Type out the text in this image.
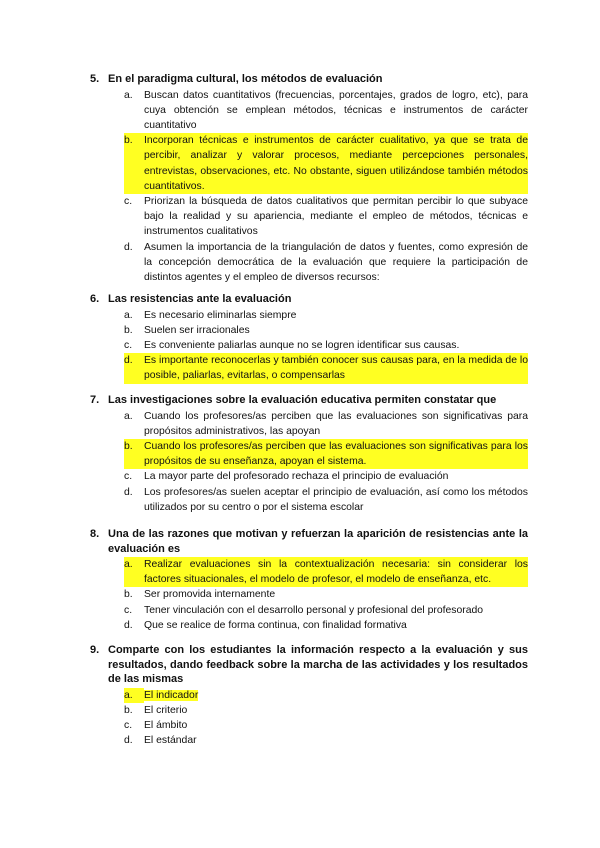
5. En el paradigma cultural, los métodos de evaluación
a.	Buscan datos cuantitativos (frecuencias, porcentajes, grados de logro, etc), para cuya obtención se emplean métodos, técnicas e instrumentos de carácter cuantitativo
b.	Incorporan técnicas e instrumentos de carácter cualitativo, ya que se trata de percibir, analizar y valorar procesos, mediante percepciones personales, entrevistas, observaciones, etc. No obstante, siguen utilizándose también métodos cuantitativos.
c.	Priorizan la búsqueda de datos cualitativos que permitan percibir lo que subyace bajo la realidad y su apariencia, mediante el empleo de métodos, técnicas e instrumentos cualitativos
d.	Asumen la importancia de la triangulación de datos y fuentes, como expresión de la concepción democrática de la evaluación que requiere la participación de distintos agentes y el empleo de diversos recursos:
6. Las resistencias ante la evaluación
a.	Es necesario eliminarlas siempre
b.	Suelen ser irracionales
c.	Es conveniente paliarlas aunque no se logren identificar sus causas.
d.	Es importante reconocerlas y también conocer sus causas para, en la medida de lo posible, paliarlas, evitarlas, o compensarlas
7. Las investigaciones sobre la evaluación educativa permiten constatar que
a.	Cuando los profesores/as perciben que las evaluaciones son significativas para propósitos administrativos, las apoyan
b.	Cuando los profesores/as perciben que las evaluaciones son significativas para los propósitos de su enseñanza, apoyan el sistema.
c.	La mayor parte del profesorado rechaza el principio de evaluación
d.	Los profesores/as suelen aceptar el principio de evaluación, así como los métodos utilizados por su centro o por el sistema escolar
8. Una de las razones que motivan y refuerzan la aparición de resistencias ante la evaluación es
a.	Realizar evaluaciones sin la contextualización necesaria: sin considerar los factores situacionales, el modelo de profesor, el modelo de enseñanza, etc.
b.	Ser promovida internamente
c.	Tener vinculación con el desarrollo personal y profesional del profesorado
d.	Que se realice de forma continua, con finalidad formativa
9. Comparte con los estudiantes la información respecto a la evaluación y sus resultados, dando feedback sobre la marcha de las actividades y los resultados de las mismas
a.	El indicador
b.	El criterio
c.	El ámbito
d.	El estándar
